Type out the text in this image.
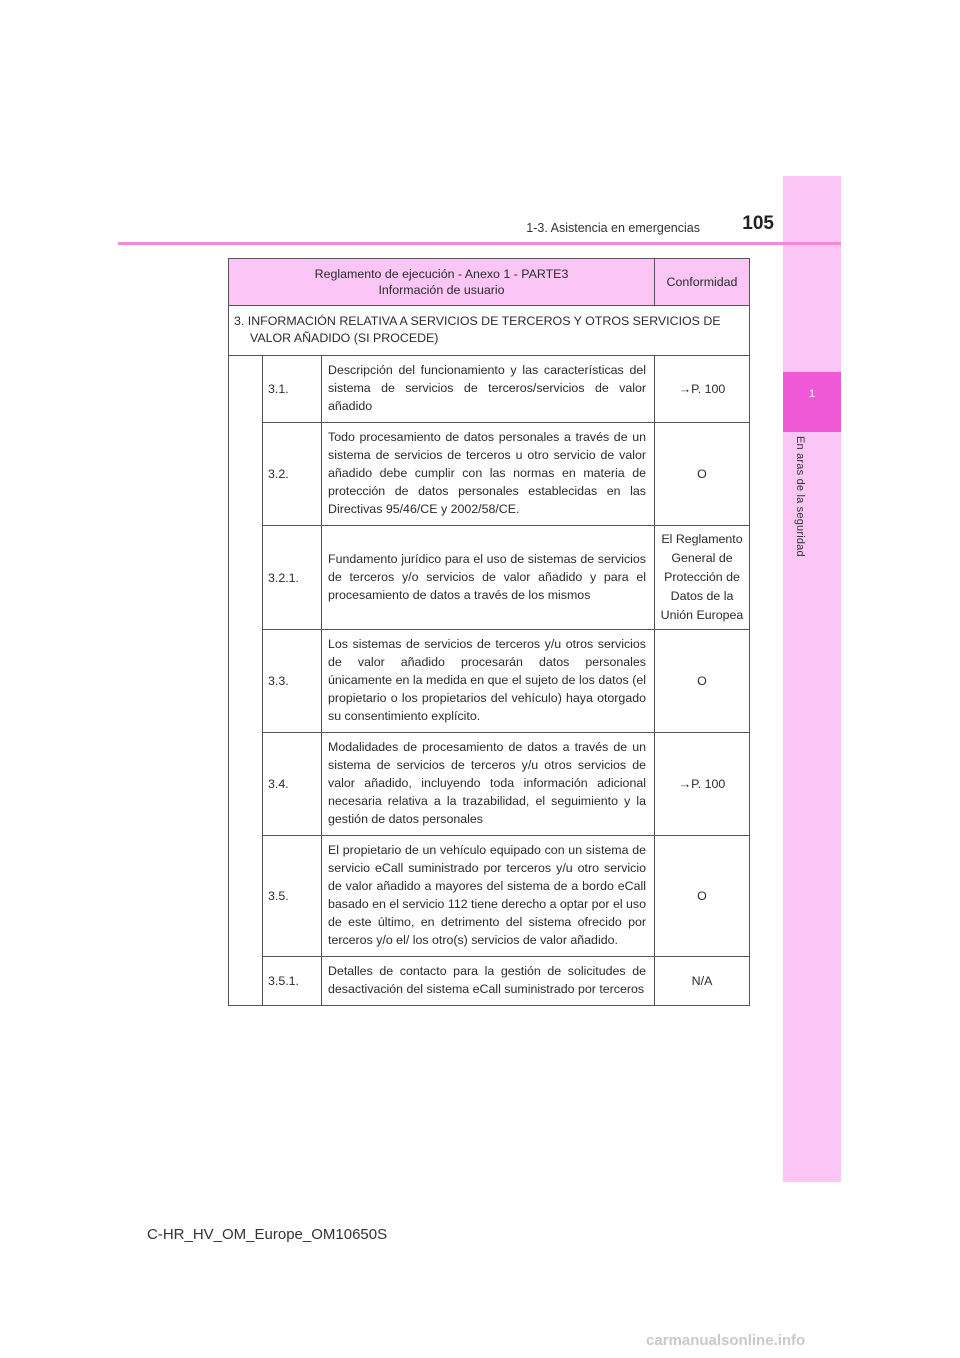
1
En aras de la seguridad
1-3. Asistencia en emergencias	105
Reglamento de ejecución - Anexo 1 - PARTE3
Información de usuario			Conformidad

3. INFORMACIÓN RELATIVA A SERVICIOS DE TERCEROS Y OTROS SERVICIOS DE VALOR AÑADIDO (SI PROCEDE)			

	3.1.	Descripción del funcionamiento y las características del sistema de servicios de terceros/servicios de valor añadido	→P. 100
	3.2.	Todo procesamiento de datos personales a través de un sistema de servicios de terceros u otro servicio de valor añadido debe cumplir con las normas en materia de protección de datos personales establecidas en las Directivas 95/46/CE y 2002/58/CE.	O
	3.2.1.	Fundamento jurídico para el uso de sistemas de servicios de terceros y/o servicios de valor añadido y para el procesamiento de datos a través de los mismos	El Reglamento General de Protección de Datos de la Unión Europea
	3.3.	Los sistemas de servicios de terceros y/u otros servicios de valor añadido procesarán datos personales únicamente en la medida en que el sujeto de los datos (el propietario o los propietarios del vehículo) haya otorgado su consentimiento explícito.	O
	3.4.	Modalidades de procesamiento de datos a través de un sistema de servicios de terceros y/u otros servicios de valor añadido, incluyendo toda información adicional necesaria relativa a la trazabilidad, el seguimiento y la gestión de datos personales	→P. 100
	3.5.	El propietario de un vehículo equipado con un sistema de servicio eCall suministrado por terceros y/u otro servicio de valor añadido a mayores del sistema de a bordo eCall basado en el servicio 112 tiene derecho a optar por el uso de este último, en detrimento del sistema ofrecido por terceros y/o el/ los otro(s) servicios de valor añadido.	O
	3.5.1.	Detalles de contacto para la gestión de solicitudes de desactivación del sistema eCall suministrado por terceros	N/A
C-HR_HV_OM_Europe_OM10650S
carmanualsonline.info
